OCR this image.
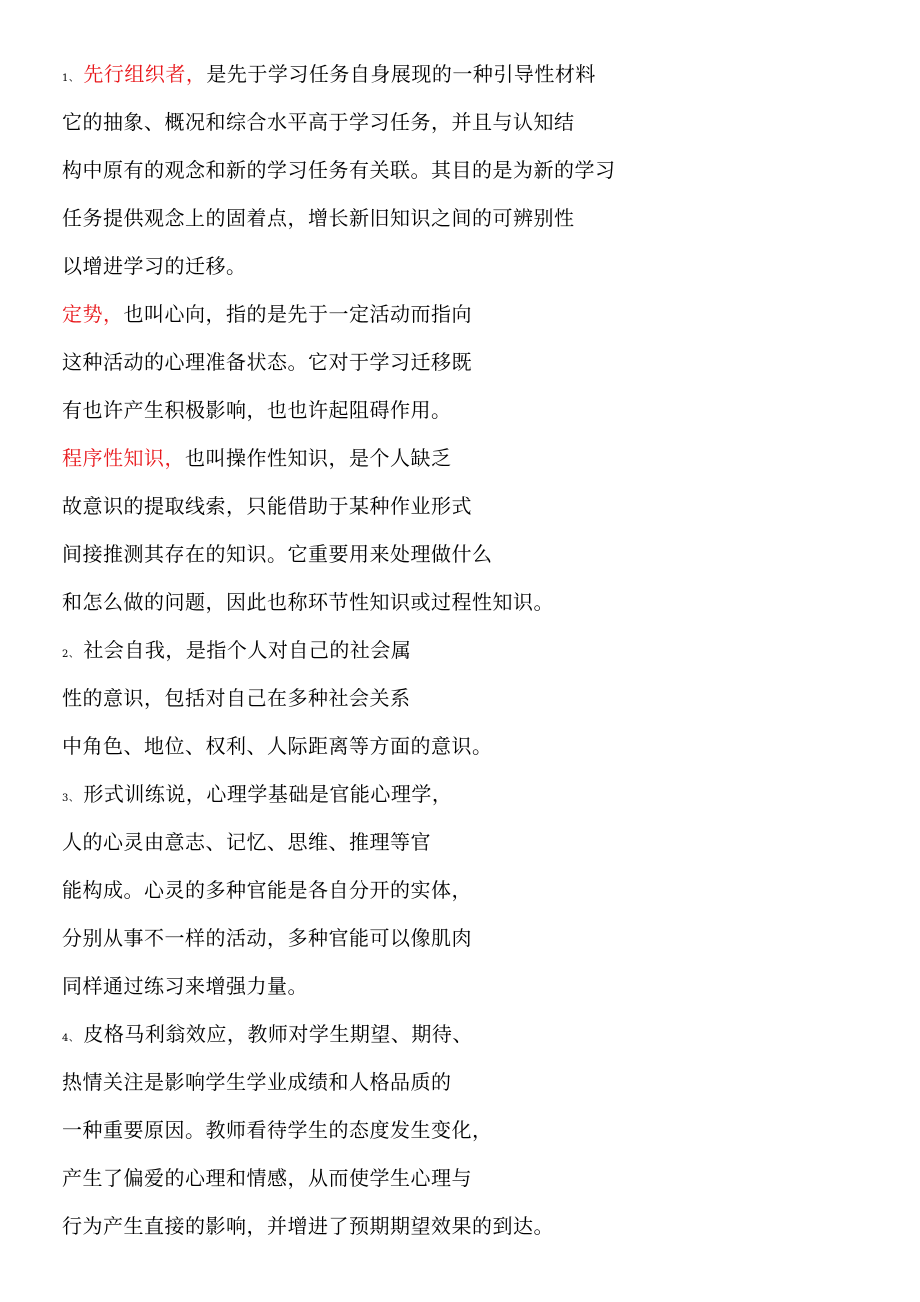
1、 先行组织者，是先于学习任务自身展现的一种引导性材料
它的抽象、概况和综合水平高于学习任务，并且与认知结
构中原有的观念和新的学习任务有关联。其目的是为新的学习
任务提供观念上的固着点，增长新旧知识之间的可辨别性
以增进学习的迁移。
定势，也叫心向，指的是先于一定活动而指向
这种活动的心理准备状态。它对于学习迁移既
有也许产生积极影响，也也许起阻碍作用。
程序性知识，也叫操作性知识，是个人缺乏
故意识的提取线索，只能借助于某种作业形式
间接推测其存在的知识。它重要用来处理做什么
和怎么做的问题，因此也称环节性知识或过程性知识。
2、 社会自我，是指个人对自己的社会属
性的意识，包括对自己在多种社会关系
中角色、地位、权利、人际距离等方面的意识。
3、 形式训练说，心理学基础是官能心理学，
人的心灵由意志、记忆、思维、推理等官
能构成。心灵的多种官能是各自分开的实体，
分别从事不一样的活动，多种官能可以像肌肉
同样通过练习来增强力量。
4、 皮格马利翁效应，教师对学生期望、期待、
热情关注是影响学生学业成绩和人格品质的
一种重要原因。教师看待学生的态度发生变化，
产生了偏爱的心理和情感，从而使学生心理与
行为产生直接的影响，并增进了预期期望效果的到达。
